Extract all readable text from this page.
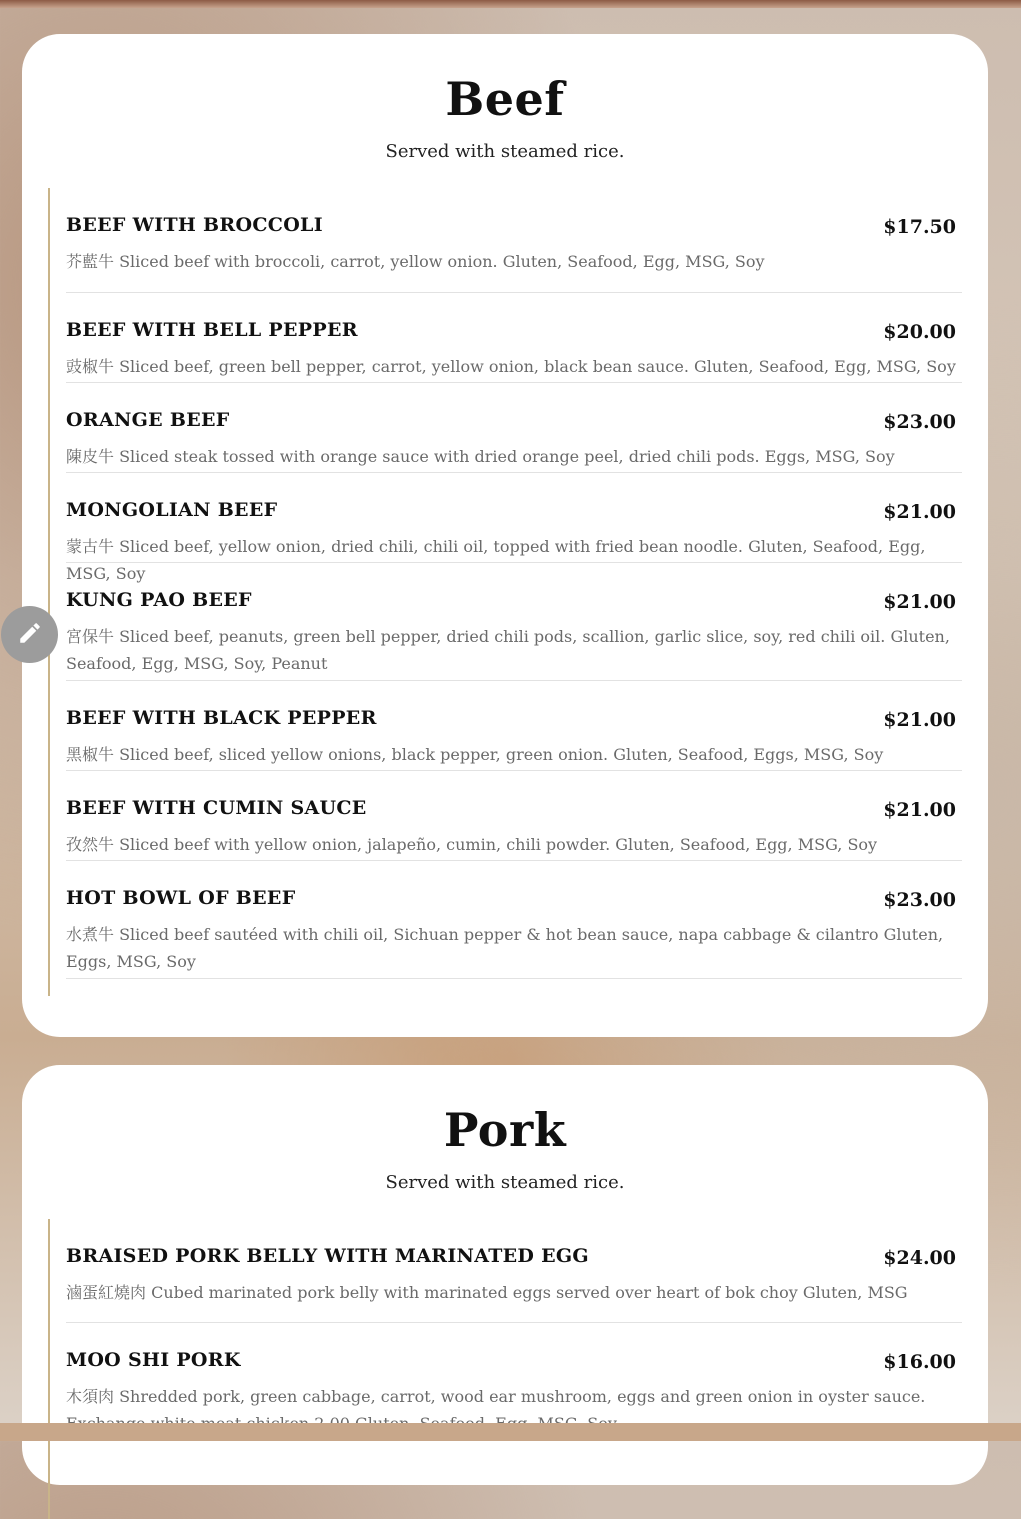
Beef
Served with steamed rice.
BEEF WITH BROCCOLI	$17.50
芥藍牛 Sliced beef with broccoli, carrot, yellow onion. Gluten, Seafood, Egg, MSG, Soy
BEEF WITH BELL PEPPER	$20.00
豉椒牛 Sliced beef, green bell pepper, carrot, yellow onion, black bean sauce. Gluten, Seafood, Egg, MSG, Soy
ORANGE BEEF	$23.00
陳皮牛 Sliced steak tossed with orange sauce with dried orange peel, dried chili pods. Eggs, MSG, Soy
MONGOLIAN BEEF	$21.00
蒙古牛 Sliced beef, yellow onion, dried chili, chili oil, topped with fried bean noodle. Gluten, Seafood, Egg, MSG, Soy
KUNG PAO BEEF	$21.00
宮保牛 Sliced beef, peanuts, green bell pepper, dried chili pods, scallion, garlic slice, soy, red chili oil. Gluten, Seafood, Egg, MSG, Soy, Peanut
BEEF WITH BLACK PEPPER	$21.00
黑椒牛 Sliced beef, sliced yellow onions, black pepper, green onion. Gluten, Seafood, Eggs, MSG, Soy
BEEF WITH CUMIN SAUCE	$21.00
孜然牛 Sliced beef with yellow onion, jalapeño, cumin, chili powder. Gluten, Seafood, Egg, MSG, Soy
HOT BOWL OF BEEF	$23.00
水煮牛 Sliced beef sautéed with chili oil, Sichuan pepper & hot bean sauce, napa cabbage & cilantro Gluten, Eggs, MSG, Soy
Pork
Served with steamed rice.
BRAISED PORK BELLY WITH MARINATED EGG	$24.00
滷蛋紅燒肉 Cubed marinated pork belly with marinated eggs served over heart of bok choy Gluten, MSG
MOO SHI PORK	$16.00
木須肉 Shredded pork, green cabbage, carrot, wood ear mushroom, eggs and green onion in oyster sauce.
